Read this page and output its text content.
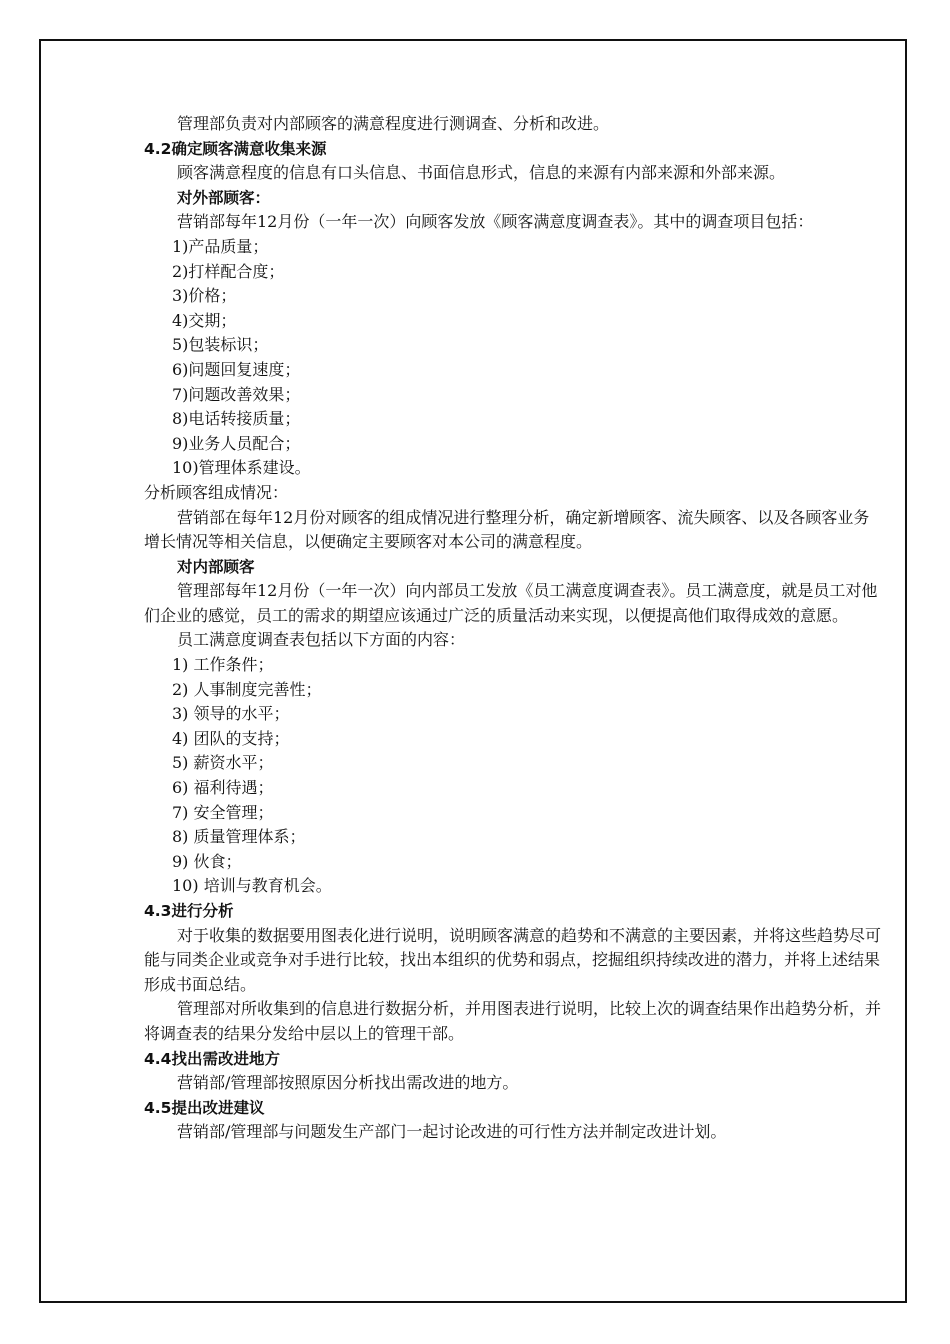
管理部负责对内部顾客的满意程度进行测调查、分析和改进。

4.2确定顾客满意收集来源

顾客满意程度的信息有口头信息、书面信息形式，信息的来源有内部来源和外部来源。

对外部顾客：

营销部每年12月份（一年一次）向顾客发放《顾客满意度调查表》。其中的调查项目包括：

1)产品质量；

2)打样配合度；

3)价格；

4)交期；

5)包装标识；

6)问题回复速度；

7)问题改善效果；

8)电话转接质量；

9)业务人员配合；

10)管理体系建设。

分析顾客组成情况：

营销部在每年12月份对顾客的组成情况进行整理分析，确定新增顾客、流失顾客、以及各顾客业务增长情况等相关信息，以便确定主要顾客对本公司的满意程度。

对内部顾客

管理部每年12月份（一年一次）向内部员工发放《员工满意度调查表》。员工满意度，就是员工对他们企业的感觉，员工的需求的期望应该通过广泛的质量活动来实现，以便提高他们取得成效的意愿。

员工满意度调查表包括以下方面的内容：

1) 工作条件；

2) 人事制度完善性；

3) 领导的水平；

4) 团队的支持；

5) 薪资水平；

6) 福利待遇；

7) 安全管理；

8) 质量管理体系；

9) 伙食；

10) 培训与教育机会。

4.3进行分析

对于收集的数据要用图表化进行说明，说明顾客满意的趋势和不满意的主要因素，并将这些趋势尽可能与同类企业或竞争对手进行比较，找出本组织的优势和弱点，挖掘组织持续改进的潜力，并将上述结果形成书面总结。

管理部对所收集到的信息进行数据分析，并用图表进行说明，比较上次的调查结果作出趋势分析，并将调查表的结果分发给中层以上的管理干部。

4.4找出需改进地方

营销部/管理部按照原因分析找出需改进的地方。

4.5提出改进建议

营销部/管理部与问题发生产部门一起讨论改进的可行性方法并制定改进计划。
